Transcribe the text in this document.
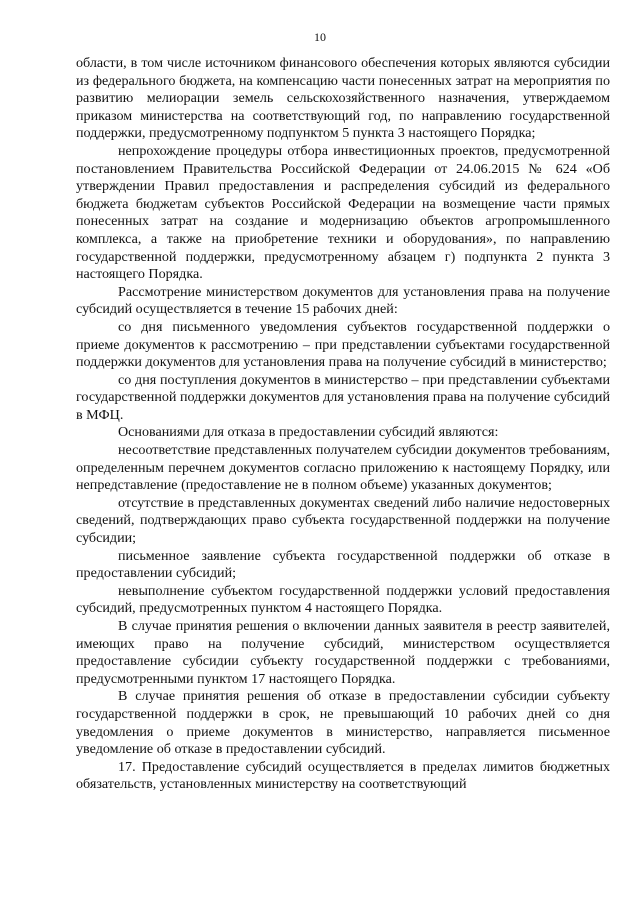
10

области, в том числе источником финансового обеспечения которых являются субсидии из федерального бюджета, на компенсацию части понесенных затрат на мероприятия по развитию мелиорации земель сельскохозяйственного назначения, утверждаемом приказом министерства на соответствующий год, по направлению государственной поддержки, предусмотренному подпунктом 5 пункта 3 настоящего Порядка;

непрохождение процедуры отбора инвестиционных проектов, предусмотренной постановлением Правительства Российской Федерации от 24.06.2015 № 624 «Об утверждении Правил предоставления и распределения субсидий из федерального бюджета бюджетам субъектов Российской Федерации на возмещение части прямых понесенных затрат на создание и модернизацию объектов агропромышленного комплекса, а также на приобретение техники и оборудования», по направлению государственной поддержки, предусмотренному абзацем г) подпункта 2 пункта 3 настоящего Порядка.

Рассмотрение министерством документов для установления права на получение субсидий осуществляется в течение 15 рабочих дней:

со дня письменного уведомления субъектов государственной поддержки о приеме документов к рассмотрению – при представлении субъектами государственной поддержки документов для установления права на получение субсидий в министерство;

со дня поступления документов в министерство – при представлении субъектами государственной поддержки документов для установления права на получение субсидий в МФЦ.

Основаниями для отказа в предоставлении субсидий являются:

несоответствие представленных получателем субсидии документов требованиям, определенным перечнем документов согласно приложению к настоящему Порядку, или непредставление (предоставление не в полном объеме) указанных документов;

отсутствие в представленных документах сведений либо наличие недостоверных сведений, подтверждающих право субъекта государственной поддержки на получение субсидии;

письменное заявление субъекта государственной поддержки об отказе в предоставлении субсидий;

невыполнение субъектом государственной поддержки условий предоставления субсидий, предусмотренных пунктом 4 настоящего Порядка.

В случае принятия решения о включении данных заявителя в реестр заявителей, имеющих право на получение субсидий, министерством осуществляется предоставление субсидии субъекту государственной поддержки с требованиями, предусмотренными пунктом 17 настоящего Порядка.

В случае принятия решения об отказе в предоставлении субсидии субъекту государственной поддержки в срок, не превышающий 10 рабочих дней со дня уведомления о приеме документов в министерство, направляется письменное уведомление об отказе в предоставлении субсидий.

17. Предоставление субсидий осуществляется в пределах лимитов бюджетных обязательств, установленных министерству на соответствующий
